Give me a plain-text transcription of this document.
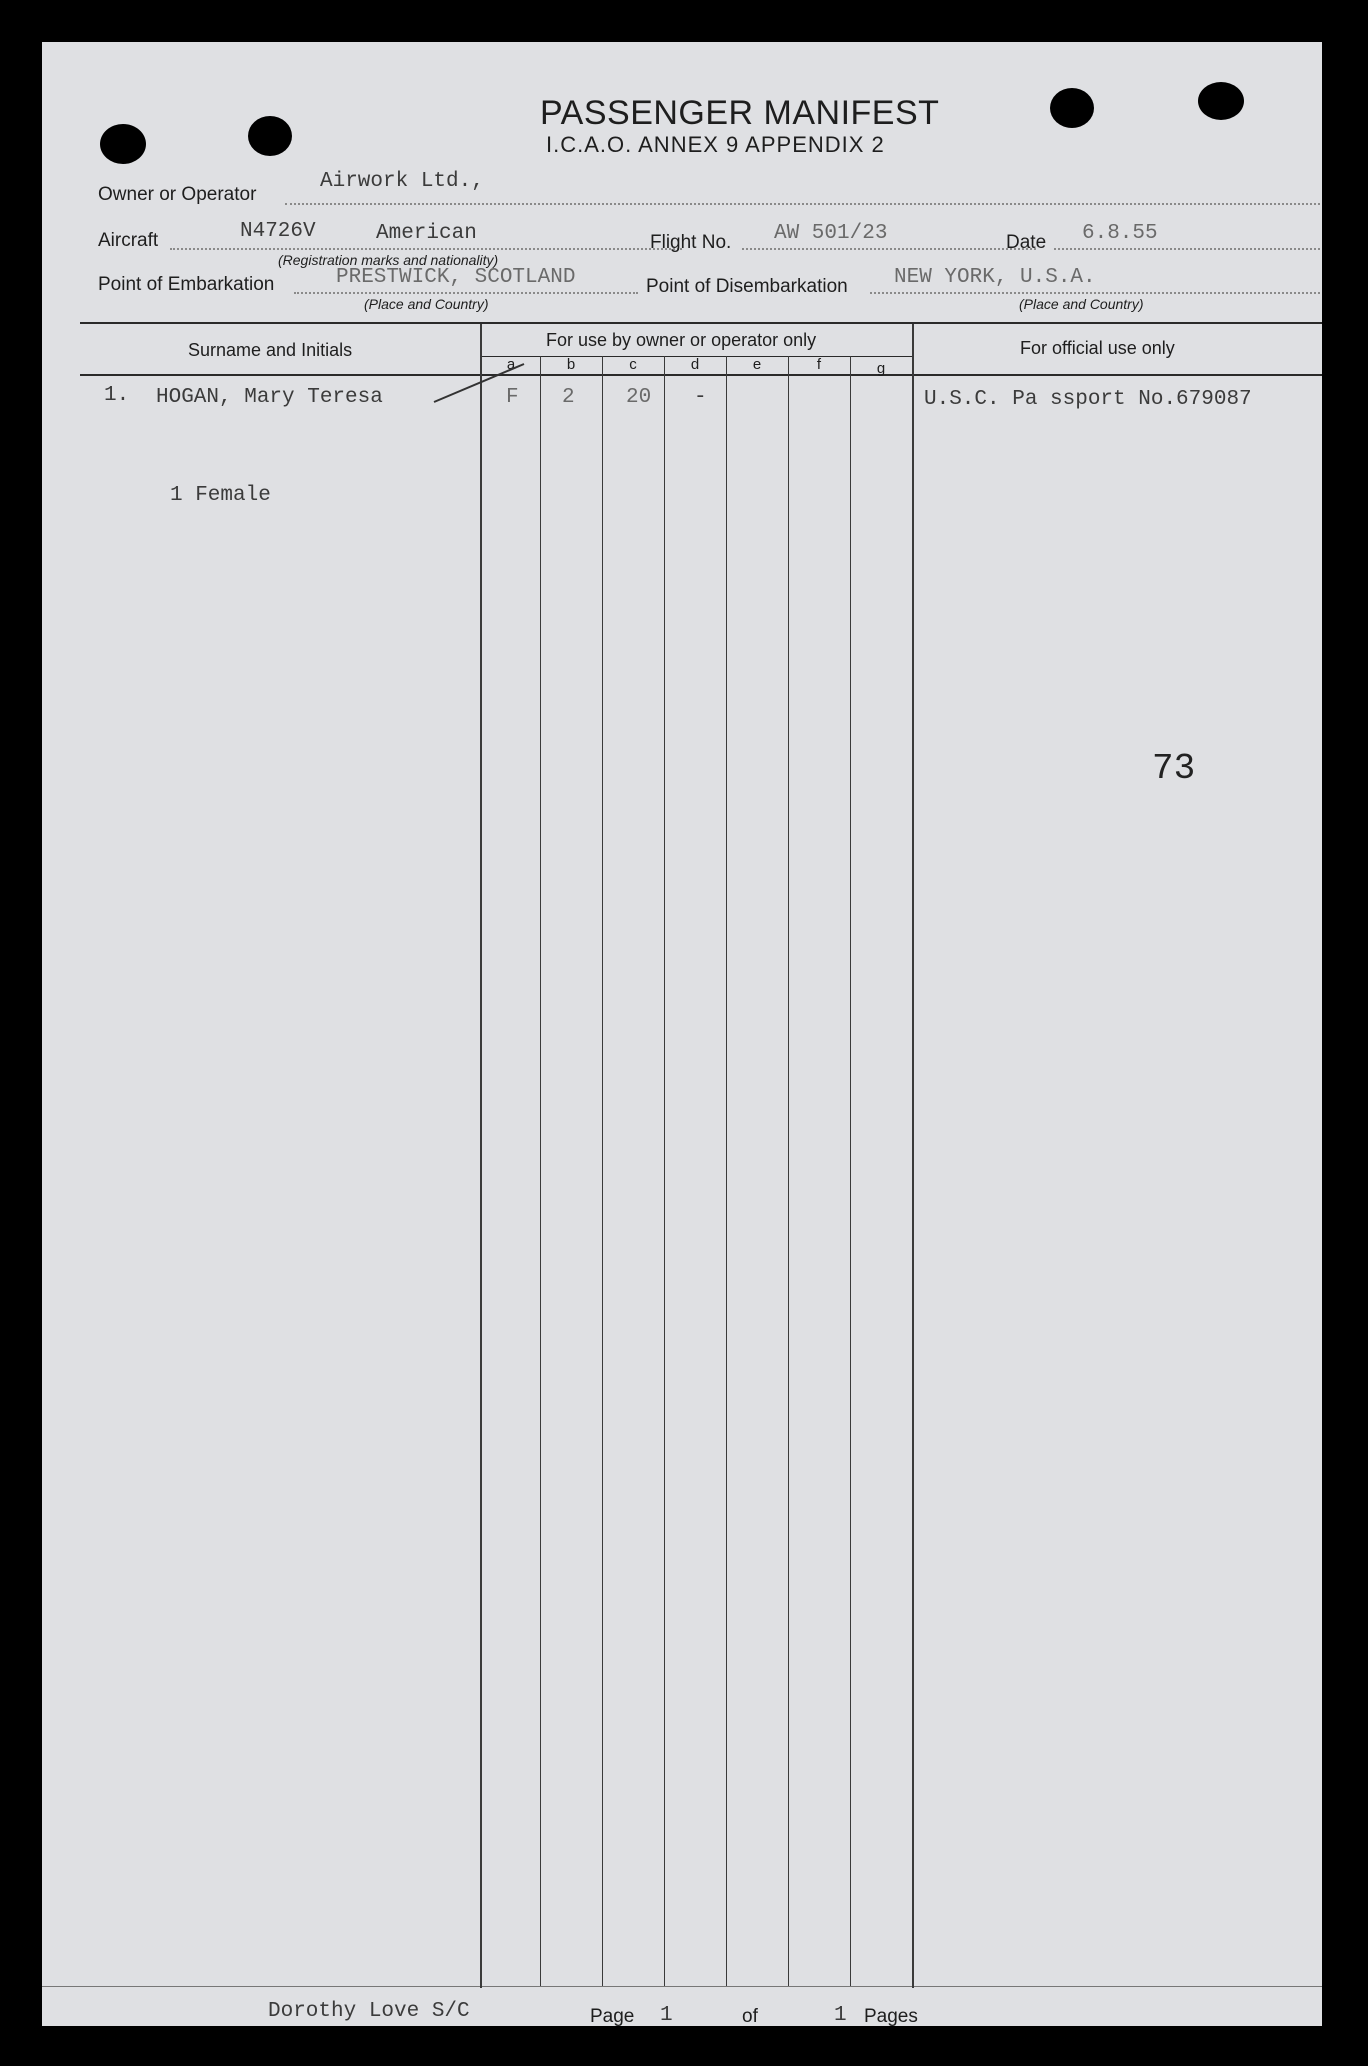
PASSENGER MANIFEST
I.C.A.O. ANNEX 9 APPENDIX 2
Owner or Operator
Airwork Ltd.,
Aircraft	N4726V	American
(Registration marks and nationality)
Flight No. AW 501/23	Date 6.8.55
Point of Embarkation	PRESTWICK, SCOTLAND
(Place and Country)
Point of Disembarkation NEW YORK, U.S.A.
(Place and Country)
Surname and Initials	For use by owner or operator only	For official use only
a	b	c	d	e	f	g
1. HOGAN, Mary Teresa	F 2 20 -	U.S.C. Pa ssport No.679087
1 Female
73
Dorothy Love S/C	Page 1	of	1 Pages
